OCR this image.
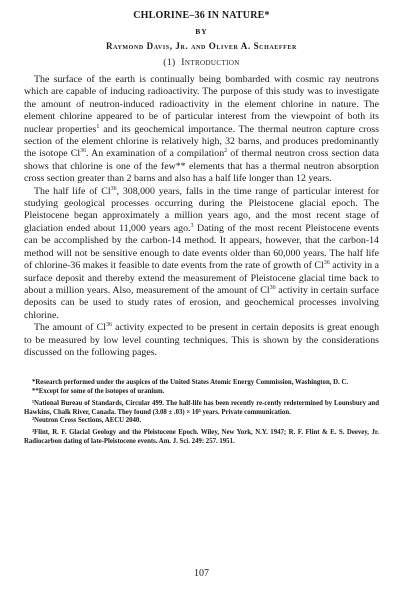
CHLORINE–36 IN NATURE*
BY
Raymond Davis, Jr. and Oliver A. Schaeffer
(1) Introduction

The surface of the earth is continually being bombarded with cosmic ray neutrons which are capable of inducing radioactivity. The purpose of this study was to investigate the amount of neutron-induced radioactivity in the element chlorine in nature. The element chlorine appeared to be of particular interest from the viewpoint of both its nuclear properties$^1$ and its geochemical importance. The thermal neutron capture cross section of the element chlorine is relatively high, 32 barns, and produces predominantly the isotope Cl$^{36}$. An examination of a compilation$^2$ of thermal neutron cross section data shows that chlorine is one of the few** elements that has a thermal neutron absorption cross section greater than 2 barns and also has a half life longer than 12 years.

The half life of Cl$^{36}$, 308,000 years, falls in the time range of particular interest for studying geological processes occurring during the Pleistocene glacial epoch. The Pleistocene began approximately a million years ago, and the most recent stage of glaciation ended about 11,000 years ago.$^3$ Dating of the most recent Pleistocene events can be accomplished by the carbon-14 method. It appears, however, that the carbon-14 method will not be sensitive enough to date events older than 60,000 years. The half life of chlorine-36 makes it feasible to date events from the rate of growth of Cl$^{36}$ activity in a surface deposit and thereby extend the measurement of Pleistocene glacial time back to about a million years. Also, measurement of the amount of Cl$^{36}$ activity in certain surface deposits can be used to study rates of erosion, and geochemical processes involving chlorine.

The amount of Cl$^{36}$ activity expected to be present in certain deposits is great enough to be measured by low level counting techniques. This is shown by the considerations discussed on the following pages.

*Research performed under the auspices of the United States Atomic Energy Commission, Washington, D. C.
**Except for some of the isotopes of uranium.
¹National Bureau of Standards, Circular 499. The half-life has been recently re-cently redetermined by Lounsbury and Hawkins, Chalk River, Canada. They found (3.08 ± .03) × 10⁵ years. Private communication.
²Neutron Cross Sections, AECU 2040.
³Flint, R. F. Glacial Geology and the Pleistocene Epoch. Wiley, New York, N.Y. 1947; R. F. Flint & E. S. Deevey, Jr. Radiocarbon dating of late-Pleistocene events. Am. J. Sci. 249: 257. 1951.
107
